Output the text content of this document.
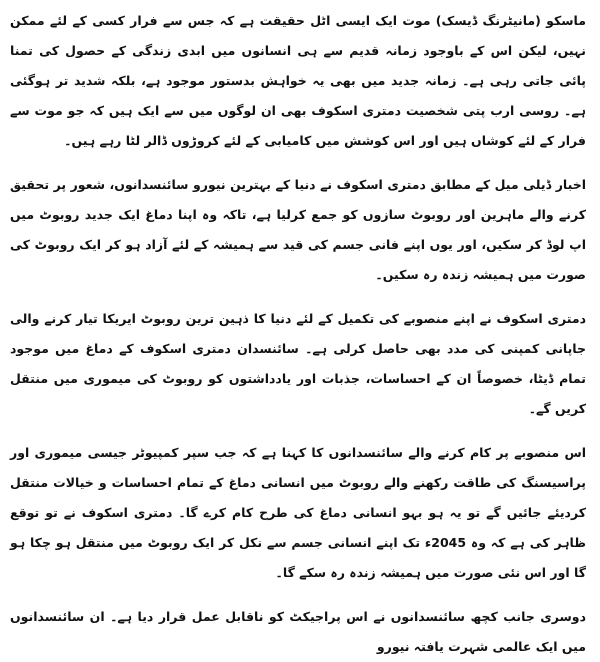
ماسکو (مانیٹرنگ ڈیسک) موت ایک ایسی اٹل حقیقت ہے کہ جس سے فرار کسی کے لئے ممکن نہیں، لیکن اس کے باوجود زمانہ قدیم سے ہی انسانوں میں ابدی زندگی کے حصول کی تمنا پائی جاتی رہی ہے۔ زمانہ جدید میں بھی یہ خواہش بدستور موجود ہے، بلکہ شدید تر ہوگئی ہے۔ روسی ارب پتی شخصیت دمتری اسکوف بھی ان لوگوں میں سے ایک ہیں کہ جو موت سے فرار کے لئے کوشاں ہیں اور اس کوشش میں کامیابی کے لئے کروڑوں ڈالر لٹا رہے ہیں۔

اخبار ڈیلی میل کے مطابق دمتری اسکوف نے دنیا کے بہترین نیورو سائنسدانوں، شعور پر تحقیق کرنے والے ماہرین اور روبوٹ سازوں کو جمع کرلیا ہے، تاکہ وہ اپنا دماغ ایک جدید روبوٹ میں اپ لوڈ کر سکیں، اور یوں اپنے فانی جسم کی قید سے ہمیشہ کے لئے آزاد ہو کر ایک روبوٹ کی صورت میں ہمیشہ زندہ رہ سکیں۔

دمتری اسکوف نے اپنے منصوبے کی تکمیل کے لئے دنیا کا ذہین ترین روبوٹ ایریکا تیار کرنے والی جاپانی کمپنی کی مدد بھی حاصل کرلی ہے۔ سائنسدان دمتری اسکوف کے دماغ میں موجود تمام ڈیٹا، خصوصاً ان کے احساسات، جذبات اور یادداشتوں کو روبوٹ کی میموری میں منتقل کریں گے۔

اس منصوبے پر کام کرنے والے سائنسدانوں کا کہنا ہے کہ جب سپر کمپیوٹر جیسی میموری اور پراسیسنگ کی طاقت رکھنے والے روبوٹ میں انسانی دماغ کے تمام احساسات و خیالات منتقل کردیئے جائیں گے تو یہ ہو بہو انسانی دماغ کی طرح کام کرے گا۔ دمتری اسکوف نے تو توقع ظاہر کی ہے کہ وہ 2045ء تک اپنے انسانی جسم سے نکل کر ایک روبوٹ میں منتقل ہو چکا ہو گا اور اس نئی صورت میں ہمیشہ زندہ رہ سکے گا۔

دوسری جانب کچھ سائنسدانوں نے اس پراجیکٹ کو ناقابل عمل قرار دیا ہے۔ ان سائنسدانوں میں ایک عالمی شہرت یافتہ نیورو
